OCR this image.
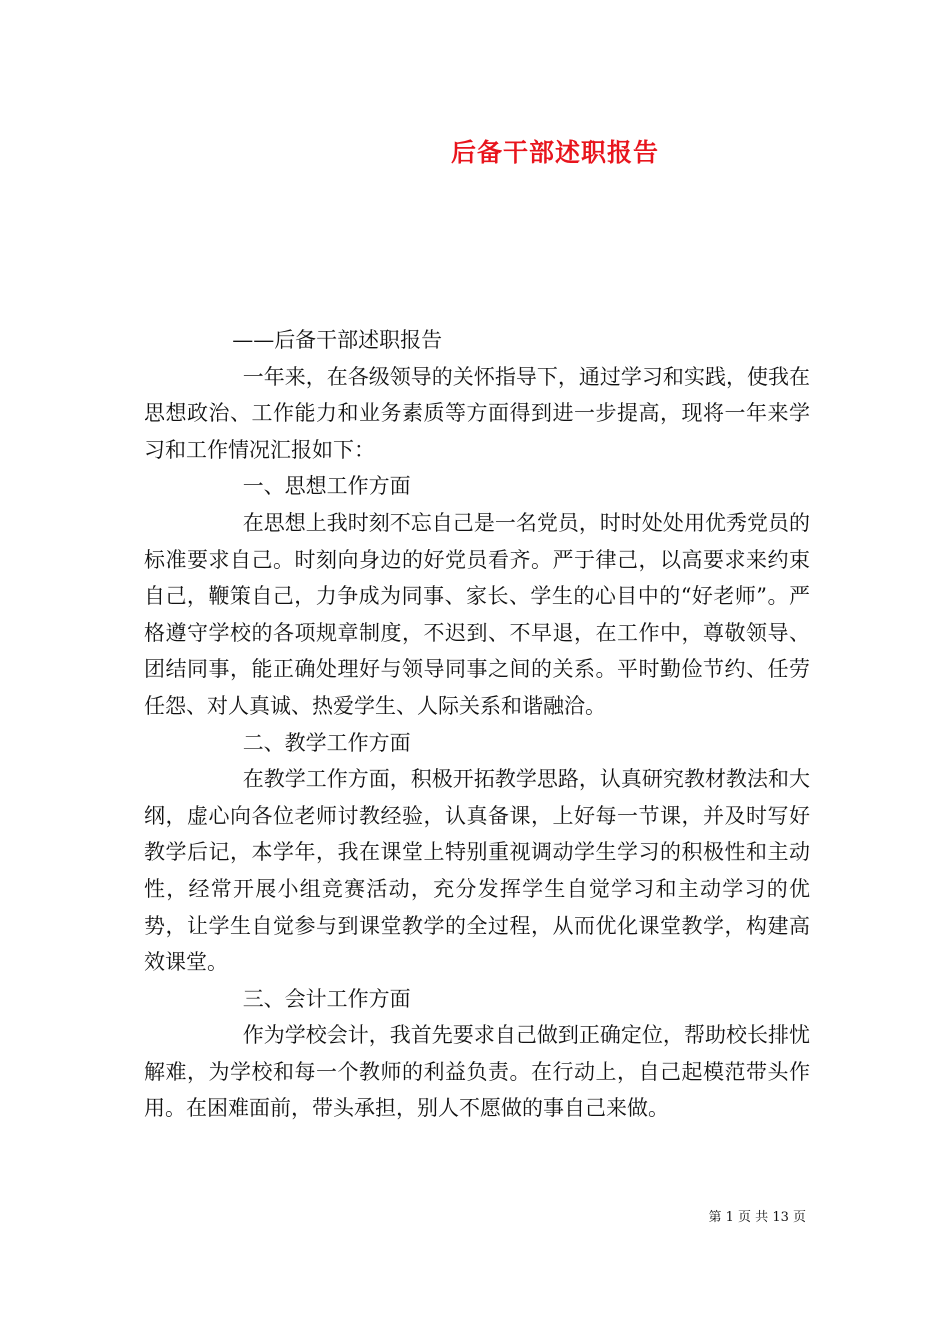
后备干部述职报告

——后备干部述职报告

一年来，在各级领导的关怀指导下，通过学习和实践，使我在思想政治、工作能力和业务素质等方面得到进一步提高，现将一年来学习和工作情况汇报如下：

一、思想工作方面

在思想上我时刻不忘自己是一名党员，时时处处用优秀党员的标准要求自己。时刻向身边的好党员看齐。严于律己，以高要求来约束自己，鞭策自己，力争成为同事、家长、学生的心目中的“好老师”。严格遵守学校的各项规章制度，不迟到、不早退，在工作中，尊敬领导、团结同事，能正确处理好与领导同事之间的关系。平时勤俭节约、任劳任怨、对人真诚、热爱学生、人际关系和谐融洽。

二、教学工作方面

在教学工作方面，积极开拓教学思路，认真研究教材教法和大纲，虚心向各位老师讨教经验，认真备课，上好每一节课，并及时写好教学后记，本学年，我在课堂上特别重视调动学生学习的积极性和主动性，经常开展小组竞赛活动，充分发挥学生自觉学习和主动学习的优势，让学生自觉参与到课堂教学的全过程，从而优化课堂教学，构建高效课堂。

三、会计工作方面

作为学校会计，我首先要求自己做到正确定位，帮助校长排忧解难，为学校和每一个教师的利益负责。在行动上，自己起模范带头作用。在困难面前，带头承担，别人不愿做的事自己来做。

第 1 页 共 13 页
